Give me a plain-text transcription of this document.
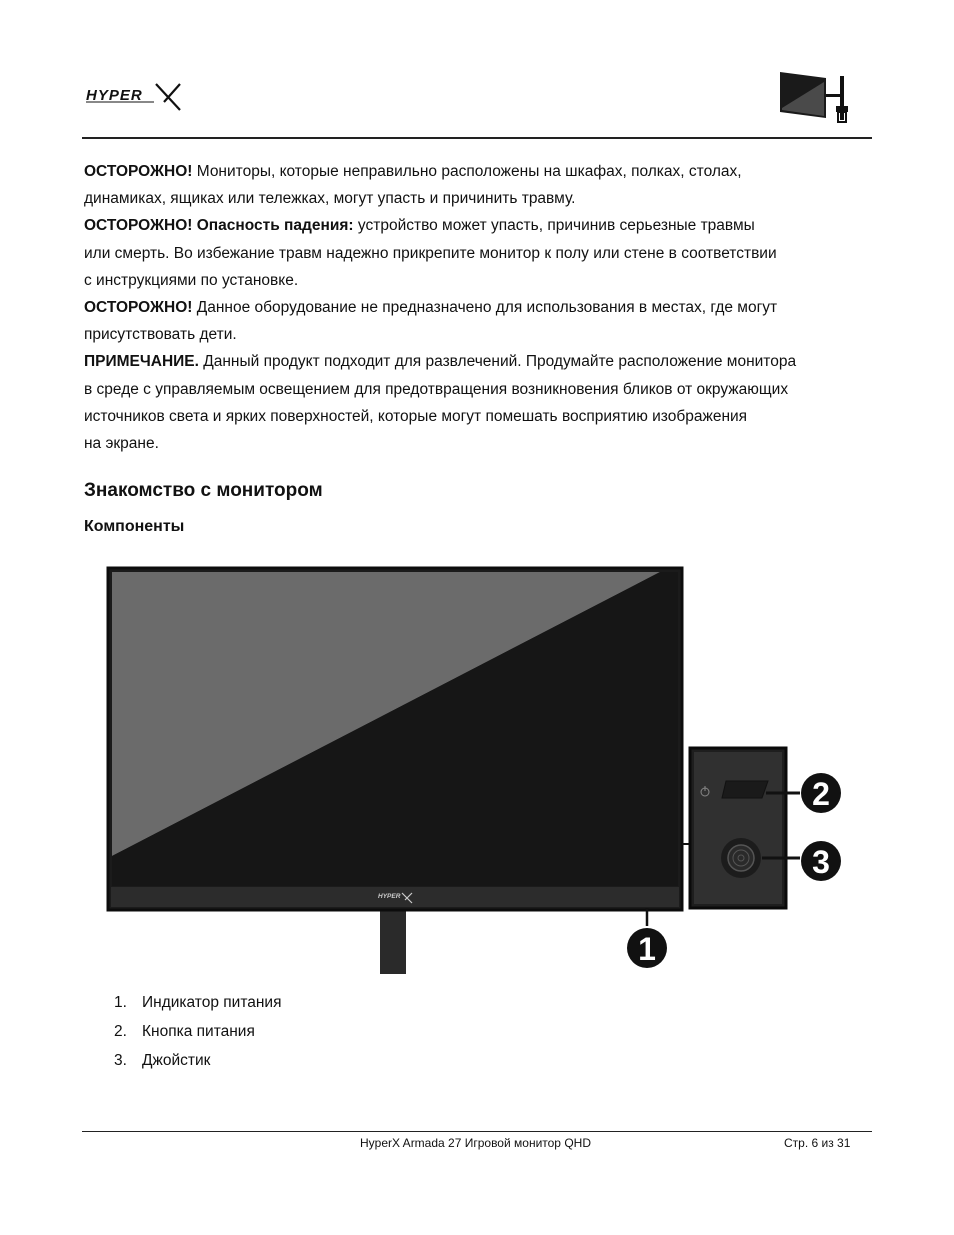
HYPER

ОСТОРОЖНО! Мониторы, которые неправильно расположены на шкафах, полках, столах,

динамиках, ящиках или тележках, могут упасть и причинить травму.

ОСТОРОЖНО! Опасность падения: устройство может упасть, причинив серьезные травмы

или смерть. Во избежание травм надежно прикрепите монитор к полу или стене в соответствии

с инструкциями по установке.

ОСТОРОЖНО! Данное оборудование не предназначено для использования в местах, где могут

присутствовать дети.

ПРИМЕЧАНИЕ. Данный продукт подходит для развлечений. Продумайте расположение монитора

в среде с управляемым освещением для предотвращения возникновения бликов от окружающих

источников света и ярких поверхностей, которые могут помешать восприятию изображения

на экране.

Знакомство с монитором
Компоненты
HYPER
1
2
3
1. Индикатор питания
2. Кнопка питания
3. Джойстик
HyperX Armada 27 Игровой монитор QHD	Стр. 6 из 31
